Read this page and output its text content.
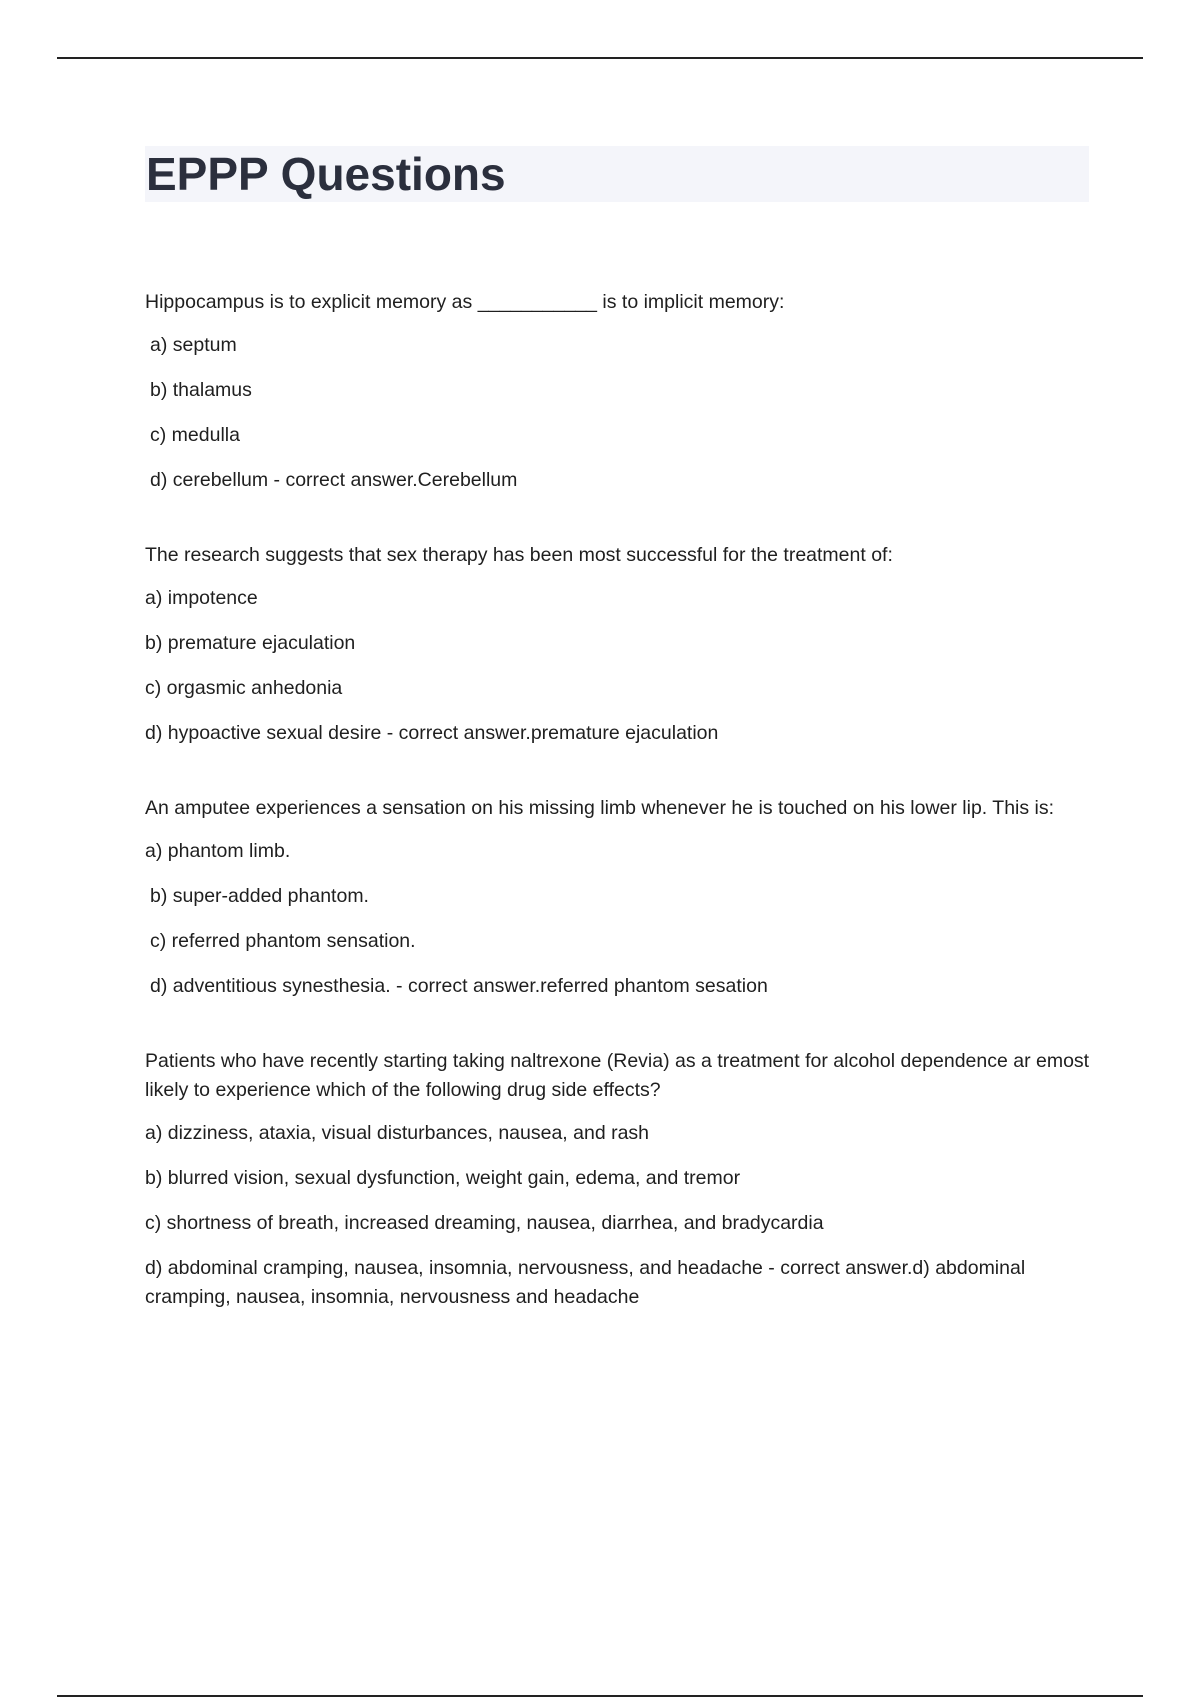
EPPP Questions

Hippocampus is to explicit memory as ___________ is to implicit memory:

a) septum

b) thalamus

c) medulla

d) cerebellum - correct answer.Cerebellum

The research suggests that sex therapy has been most successful for the treatment of:

a) impotence

b) premature ejaculation

c) orgasmic anhedonia

d) hypoactive sexual desire - correct answer.premature ejaculation

An amputee experiences a sensation on his missing limb whenever he is touched on his lower lip. This is:

a) phantom limb.

b) super-added phantom.

c) referred phantom sensation.

d) adventitious synesthesia. - correct answer.referred phantom sesation

Patients who have recently starting taking naltrexone (Revia) as a treatment for alcohol dependence ar emost likely to experience which of the following drug side effects?

a) dizziness, ataxia, visual disturbances, nausea, and rash

b) blurred vision, sexual dysfunction, weight gain, edema, and tremor

c) shortness of breath, increased dreaming, nausea, diarrhea, and bradycardia

d) abdominal cramping, nausea, insomnia, nervousness, and headache - correct answer.d) abdominal cramping, nausea, insomnia, nervousness and headache
